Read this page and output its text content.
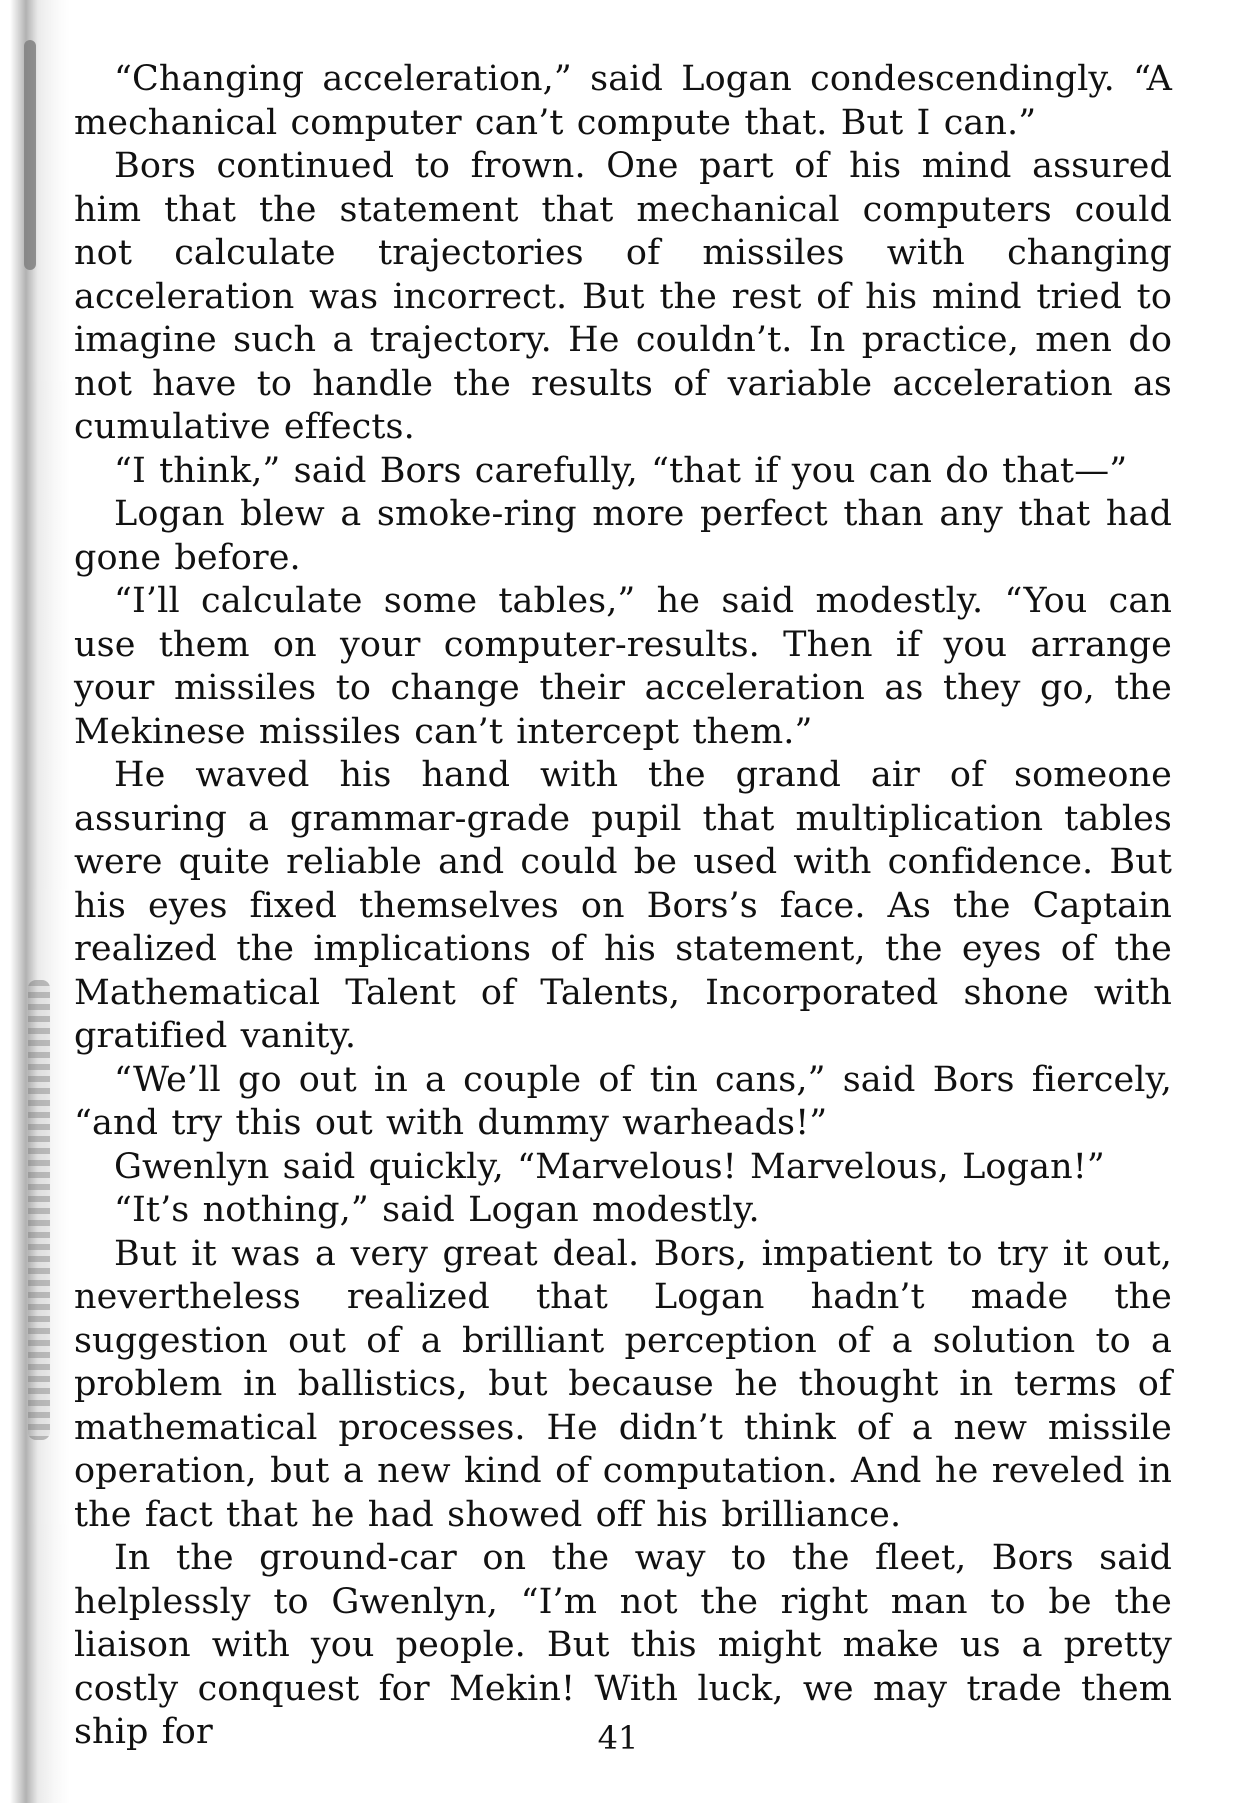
“Changing acceleration,” said Logan condescendingly. “A mechanical computer can’t compute that. But I can.”

Bors continued to frown. One part of his mind assured him that the statement that mechanical computers could not calculate trajectories of missiles with changing acceleration was incorrect. But the rest of his mind tried to imagine such a trajectory. He couldn’t. In practice, men do not have to handle the results of variable acceleration as cumulative effects.

“I think,” said Bors carefully, “that if you can do that—”

Logan blew a smoke-ring more perfect than any that had gone before.

“I’ll calculate some tables,” he said modestly. “You can use them on your computer-results. Then if you arrange your missiles to change their acceleration as they go, the Mekinese missiles can’t intercept them.”

He waved his hand with the grand air of someone assuring a grammar-grade pupil that multiplication tables were quite reliable and could be used with confidence. But his eyes fixed themselves on Bors’s face. As the Captain realized the implications of his statement, the eyes of the Mathematical Talent of Talents, Incorporated shone with gratified vanity.

“We’ll go out in a couple of tin cans,” said Bors fiercely, “and try this out with dummy warheads!”

Gwenlyn said quickly, “Marvelous! Marvelous, Logan!”

“It’s nothing,” said Logan modestly.

But it was a very great deal. Bors, impatient to try it out, nevertheless realized that Logan hadn’t made the suggestion out of a brilliant perception of a solution to a problem in ballistics, but because he thought in terms of mathematical processes. He didn’t think of a new missile operation, but a new kind of computation. And he reveled in the fact that he had showed off his brilliance.

In the ground-car on the way to the fleet, Bors said helplessly to Gwenlyn, “I’m not the right man to be the liaison with you people. But this might make us a pretty costly conquest for Mekin! With luck, we may trade them ship for	41
